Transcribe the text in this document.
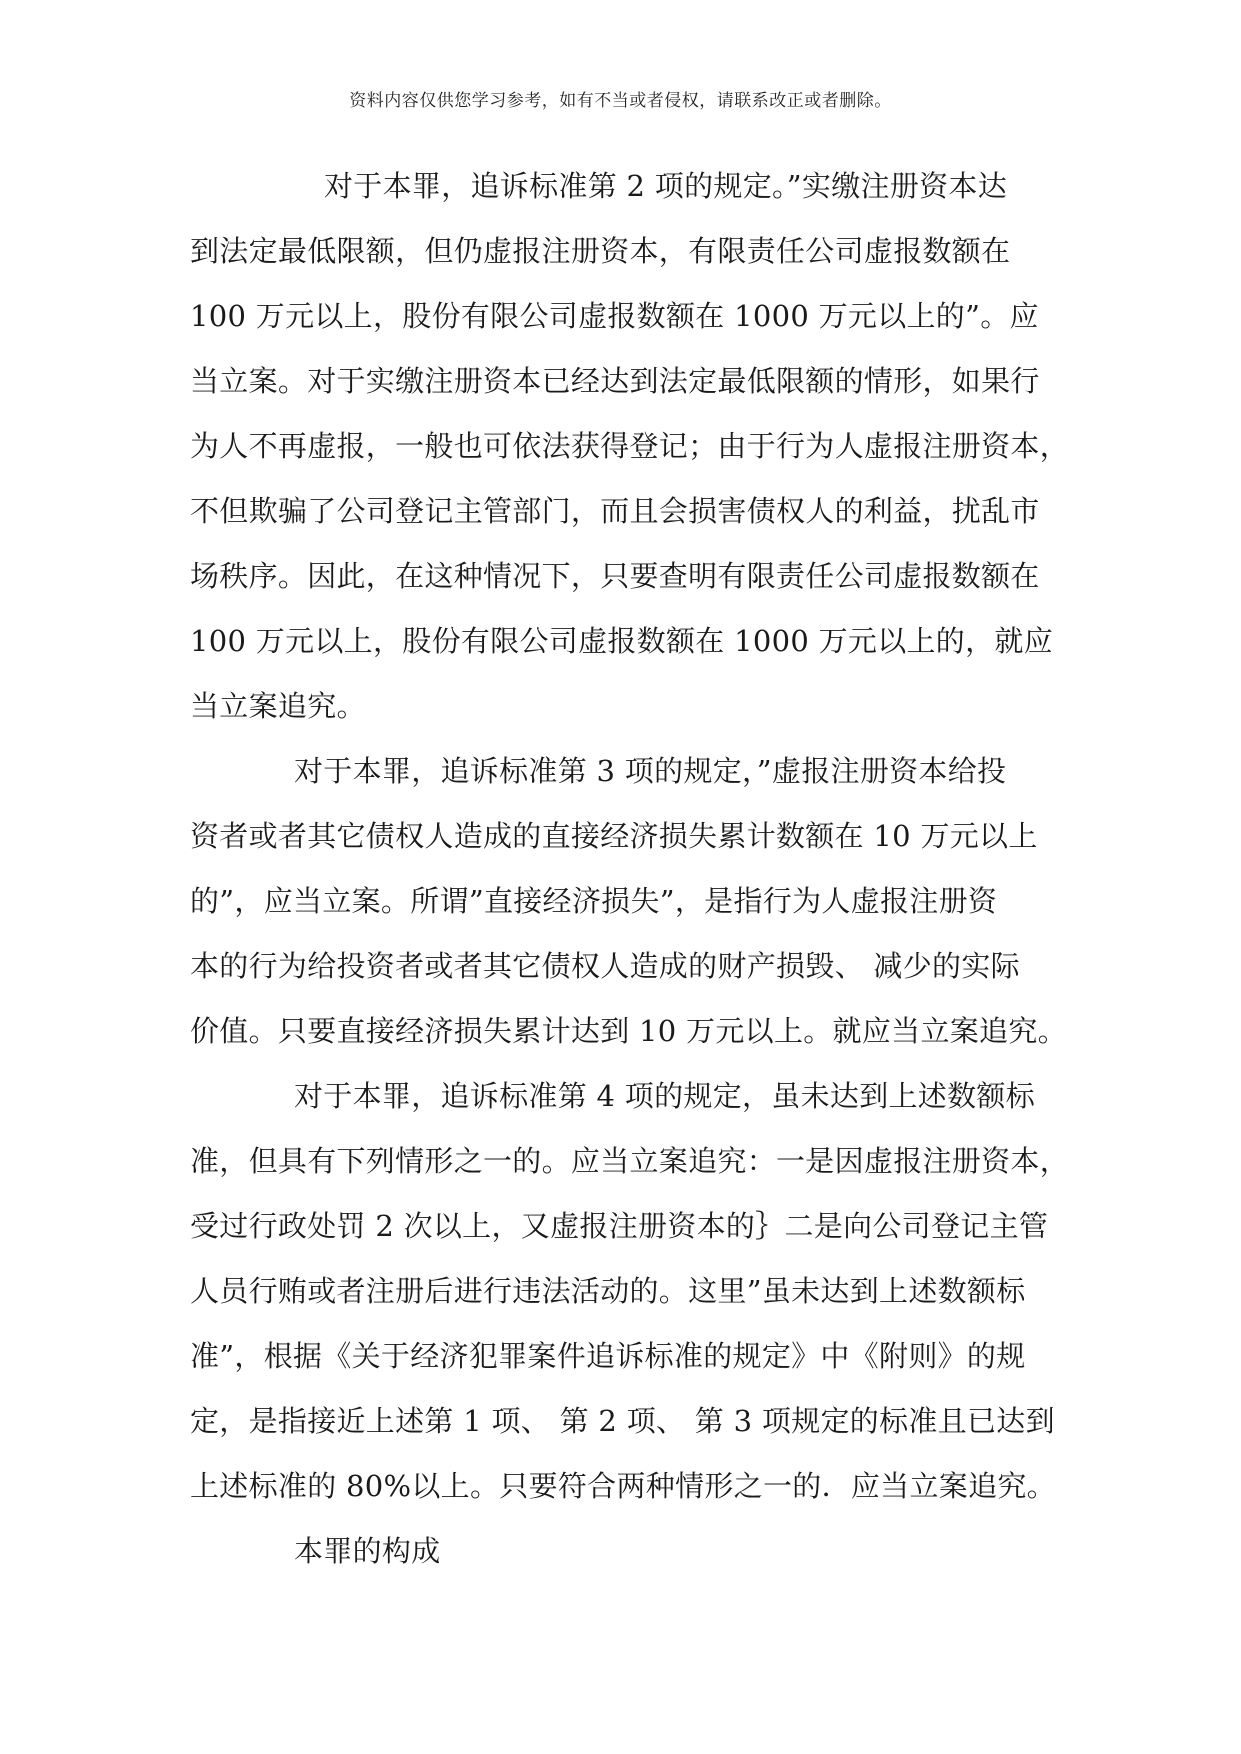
资料内容仅供您学习参考，如有不当或者侵权，请联系改正或者删除。
对于本罪，追诉标准第 2 项的规定。”实缴注册资本达
到法定最低限额，但仍虚报注册资本，有限责任公司虚报数额在
100 万元以上，股份有限公司虚报数额在 1000 万元以上的”。应
当立案。对于实缴注册资本已经达到法定最低限额的情形，如果行
为人不再虚报，一般也可依法获得登记；由于行为人虚报注册资本，
不但欺骗了公司登记主管部门，而且会损害债权人的利益，扰乱市
场秩序。因此，在这种情况下，只要查明有限责任公司虚报数额在
100 万元以上，股份有限公司虚报数额在 1000 万元以上的，就应
当立案追究。
对于本罪，追诉标准第 3 项的规定，”虚报注册资本给投
资者或者其它债权人造成的直接经济损失累计数额在 10 万元以上
的”，应当立案。所谓”直接经济损失”，是指行为人虚报注册资
本的行为给投资者或者其它债权人造成的财产损毁、 减少的实际
价值。只要直接经济损失累计达到 10 万元以上。就应当立案追究。
对于本罪，追诉标准第 4 项的规定，虽未达到上述数额标
准，但具有下列情形之一的。应当立案追究：一是因虚报注册资本，
受过行政处罚 2 次以上，又虚报注册资本的｝二是向公司登记主管
人员行贿或者注册后进行违法活动的。这里”虽未达到上述数额标
准”，根据《关于经济犯罪案件追诉标准的规定》中《附则》的规
定，是指接近上述第 1 项、 第 2 项、 第 3 项规定的标准且已达到
上述标准的 80%以上。只要符合两种情形之一的．应当立案追究。
本罪的构成
